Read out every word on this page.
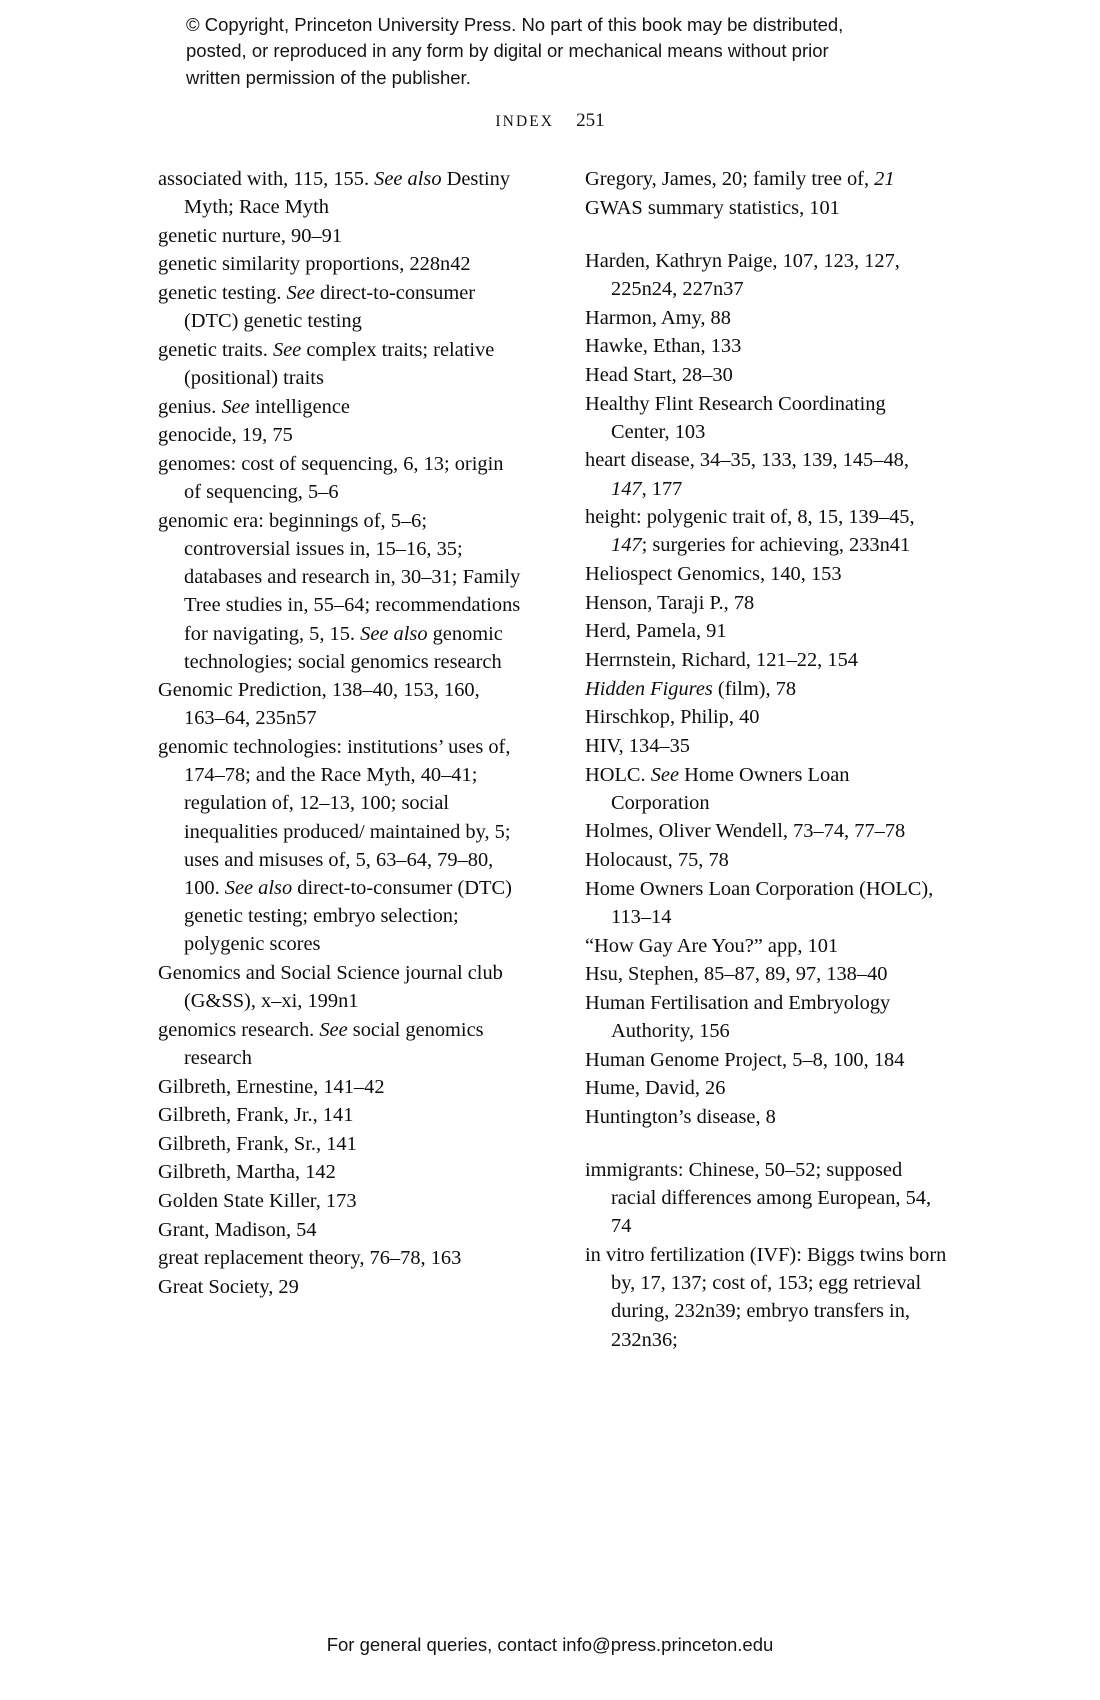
© Copyright, Princeton University Press. No part of this book may be distributed, posted, or reproduced in any form by digital or mechanical means without prior written permission of the publisher.
INDEX 251

associated with, 115, 155. See also Destiny Myth; Race Myth

genetic nurture, 90–91

genetic similarity proportions, 228n42

genetic testing. See direct-to-consumer (DTC) genetic testing

genetic traits. See complex traits; relative (positional) traits

genius. See intelligence

genocide, 19, 75

genomes: cost of sequencing, 6, 13; origin of sequencing, 5–6

genomic era: beginnings of, 5–6; controversial issues in, 15–16, 35; databases and research in, 30–31; Family Tree studies in, 55–64; recommendations for navigating, 5, 15. See also genomic technologies; social genomics research

Genomic Prediction, 138–40, 153, 160, 163–64, 235n57

genomic technologies: institutions’ uses of, 174–78; and the Race Myth, 40–41; regulation of, 12–13, 100; social inequalities produced/ maintained by, 5; uses and misuses of, 5, 63–64, 79–80, 100. See also direct-to-consumer (DTC) genetic testing; embryo selection; polygenic scores

Genomics and Social Science journal club (G&SS), x–xi, 199n1

genomics research. See social genomics research

Gilbreth, Ernestine, 141–42

Gilbreth, Frank, Jr., 141

Gilbreth, Frank, Sr., 141

Gilbreth, Martha, 142

Golden State Killer, 173

Grant, Madison, 54

great replacement theory, 76–78, 163

Great Society, 29

Gregory, James, 20; family tree of, 21

GWAS summary statistics, 101

Harden, Kathryn Paige, 107, 123, 127, 225n24, 227n37

Harmon, Amy, 88

Hawke, Ethan, 133

Head Start, 28–30

Healthy Flint Research Coordinating Center, 103

heart disease, 34–35, 133, 139, 145–48, 147, 177

height: polygenic trait of, 8, 15, 139–45, 147; surgeries for achieving, 233n41

Heliospect Genomics, 140, 153

Henson, Taraji P., 78

Herd, Pamela, 91

Herrnstein, Richard, 121–22, 154

Hidden Figures (film), 78

Hirschkop, Philip, 40

HIV, 134–35

HOLC. See Home Owners Loan Corporation

Holmes, Oliver Wendell, 73–74, 77–78

Holocaust, 75, 78

Home Owners Loan Corporation (HOLC), 113–14

“How Gay Are You?” app, 101

Hsu, Stephen, 85–87, 89, 97, 138–40

Human Fertilisation and Embryology Authority, 156

Human Genome Project, 5–8, 100, 184

Hume, David, 26

Huntington’s disease, 8

immigrants: Chinese, 50–52; supposed racial differences among European, 54, 74

in vitro fertilization (IVF): Biggs twins born by, 17, 137; cost of, 153; egg retrieval during, 232n39; embryo transfers in, 232n36;

For general queries, contact info@press.princeton.edu
